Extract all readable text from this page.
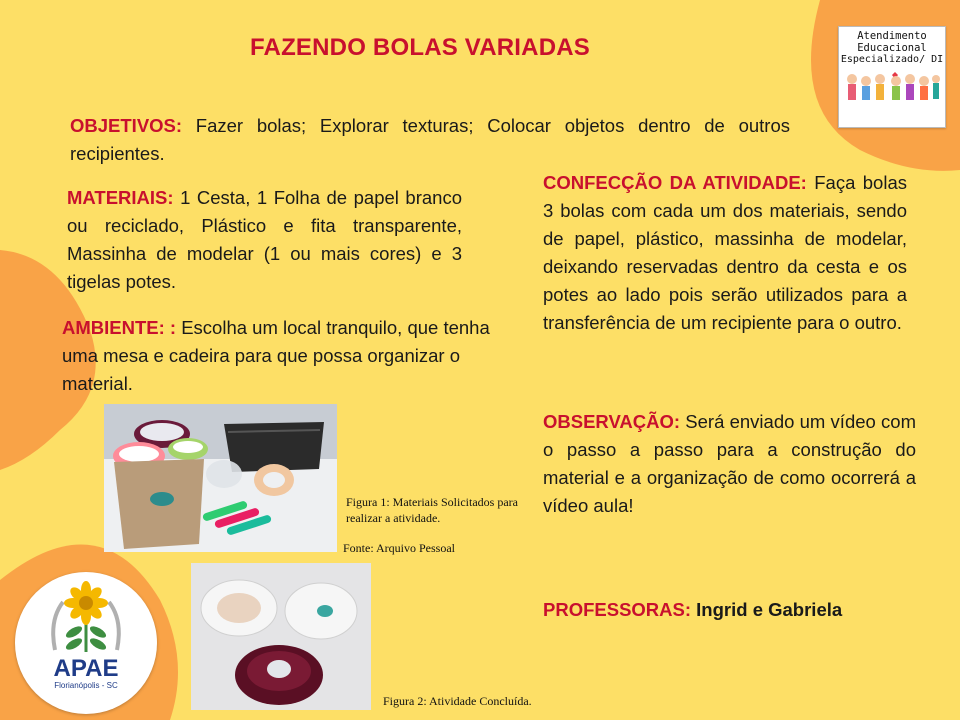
Atendimento
Educacional
Especializado/ DI
FAZENDO BOLAS VARIADAS
OBJETIVOS: Fazer bolas; Explorar texturas; Colocar objetos dentro de outros recipientes.
MATERIAIS: 1 Cesta, 1 Folha de papel branco ou reciclado, Plástico e fita transparente, Massinha de modelar (1 ou mais cores) e 3 tigelas potes.
AMBIENTE: : Escolha um local tranquilo, que tenha uma mesa e cadeira para que possa organizar o material.
CONFECÇÃO DA ATIVIDADE: Faça bolas 3 bolas com cada um dos materiais, sendo de papel, plástico, massinha de modelar, deixando reservadas dentro da cesta e os potes ao lado pois serão utilizados para a transferência de um recipiente para o outro.
OBSERVAÇÃO: Será enviado um vídeo com o passo a passo para a construção do material e a organização de como ocorrerá a vídeo aula!
PROFESSORAS: Ingrid e Gabriela
Figura 1: Materiais Solicitados para realizar a atividade.
Fonte: Arquivo Pessoal
Figura 2: Atividade Concluída.
APAE
Florianópolis - SC
